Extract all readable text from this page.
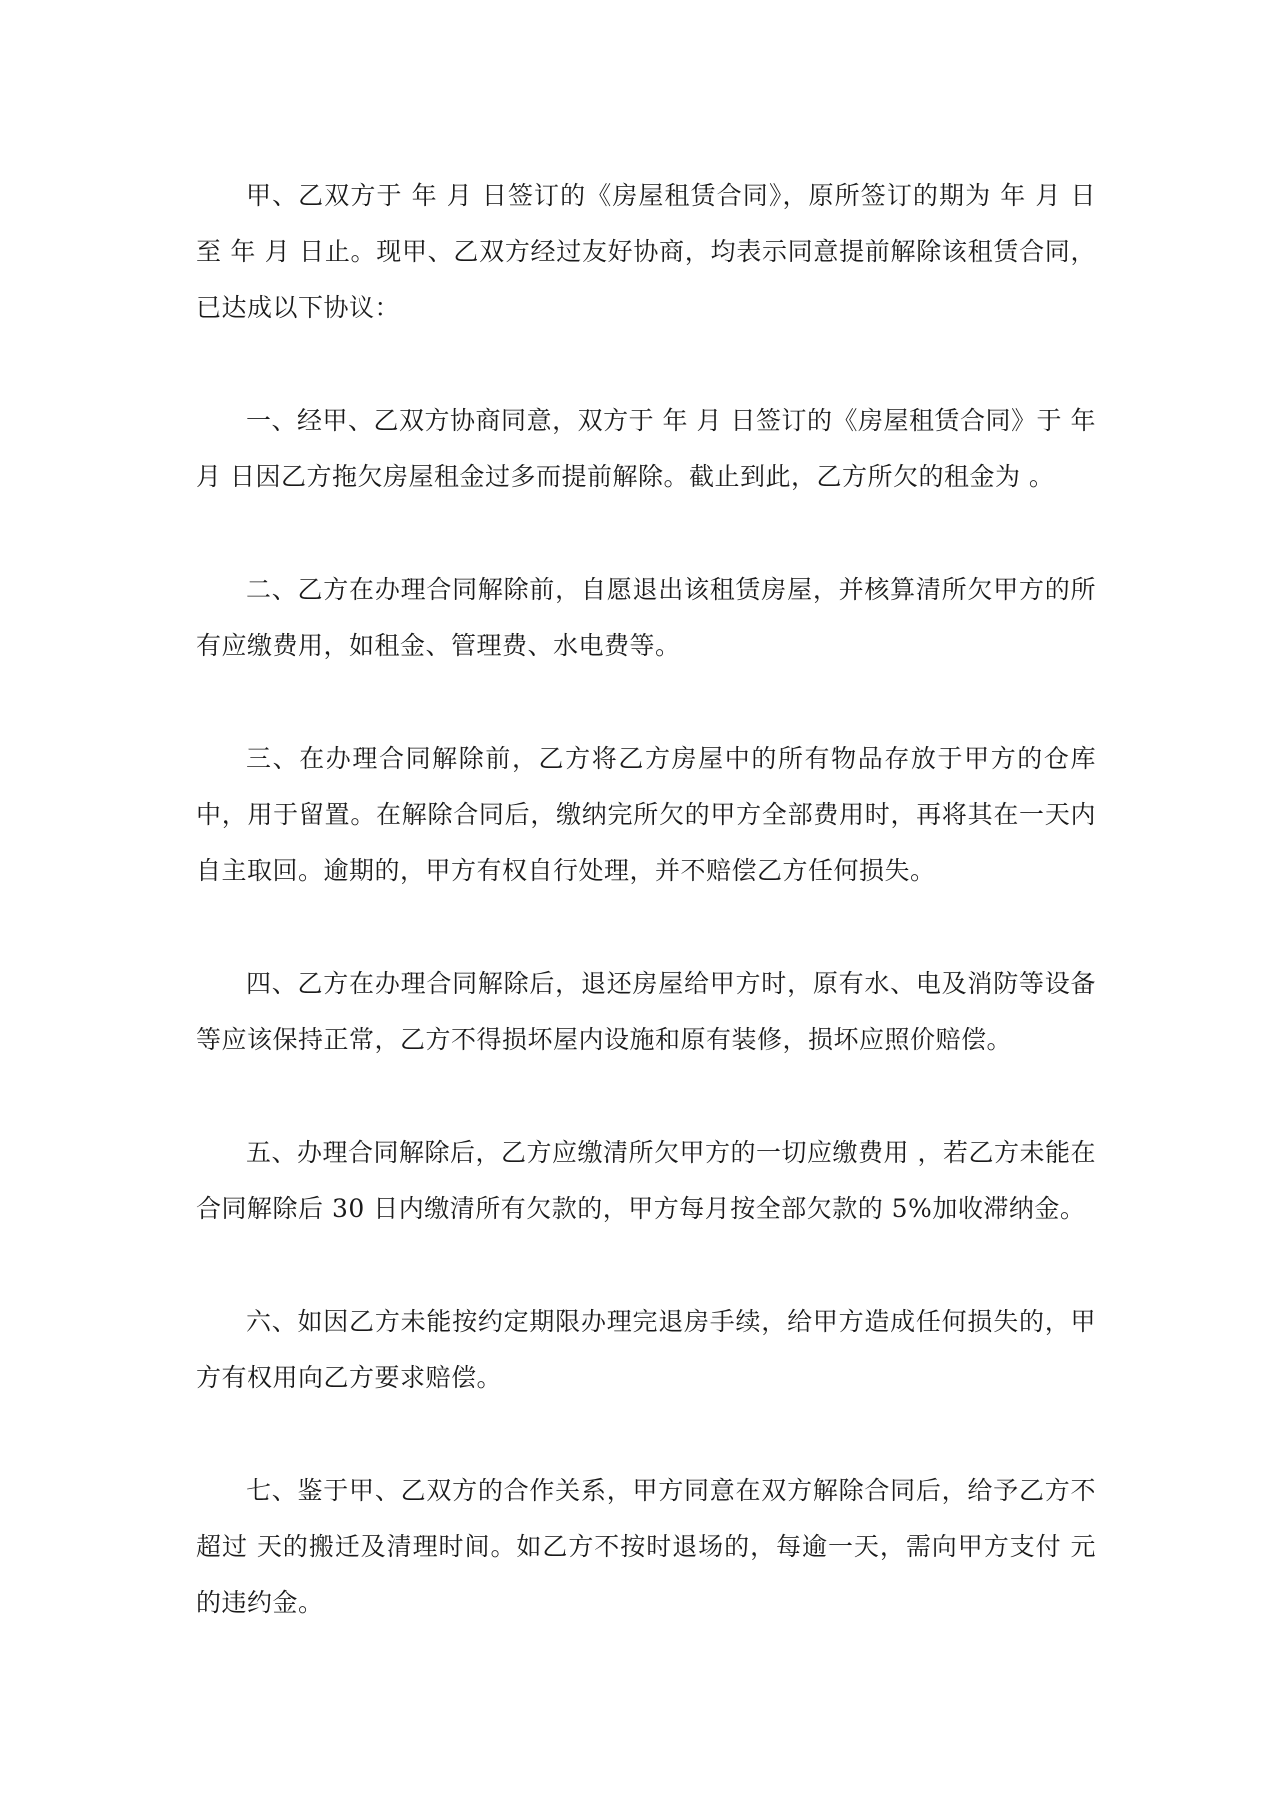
甲、乙双方于 年 月 日签订的《房屋租赁合同》，原所签订的期为 年 月 日至 年 月 日止。现甲、乙双方经过友好协商，均表示同意提前解除该租赁合同，已达成以下协议：

一、经甲、乙双方协商同意，双方于 年 月 日签订的《房屋租赁合同》于 年 月 日因乙方拖欠房屋租金过多而提前解除。截止到此，乙方所欠的租金为 。

二、乙方在办理合同解除前，自愿退出该租赁房屋，并核算清所欠甲方的所有应缴费用，如租金、管理费、水电费等。

三、在办理合同解除前，乙方将乙方房屋中的所有物品存放于甲方的仓库中，用于留置。在解除合同后，缴纳完所欠的甲方全部费用时，再将其在一天内自主取回。逾期的，甲方有权自行处理，并不赔偿乙方任何损失。

四、乙方在办理合同解除后，退还房屋给甲方时，原有水、电及消防等设备等应该保持正常，乙方不得损坏屋内设施和原有装修，损坏应照价赔偿。

五、办理合同解除后，乙方应缴清所欠甲方的一切应缴费用 ，若乙方未能在合同解除后 30 日内缴清所有欠款的，甲方每月按全部欠款的 5%加收滞纳金。

六、如因乙方未能按约定期限办理完退房手续，给甲方造成任何损失的，甲方有权用向乙方要求赔偿。

七、鉴于甲、乙双方的合作关系，甲方同意在双方解除合同后，给予乙方不超过 天的搬迁及清理时间。如乙方不按时退场的，每逾一天，需向甲方支付 元的违约金。
